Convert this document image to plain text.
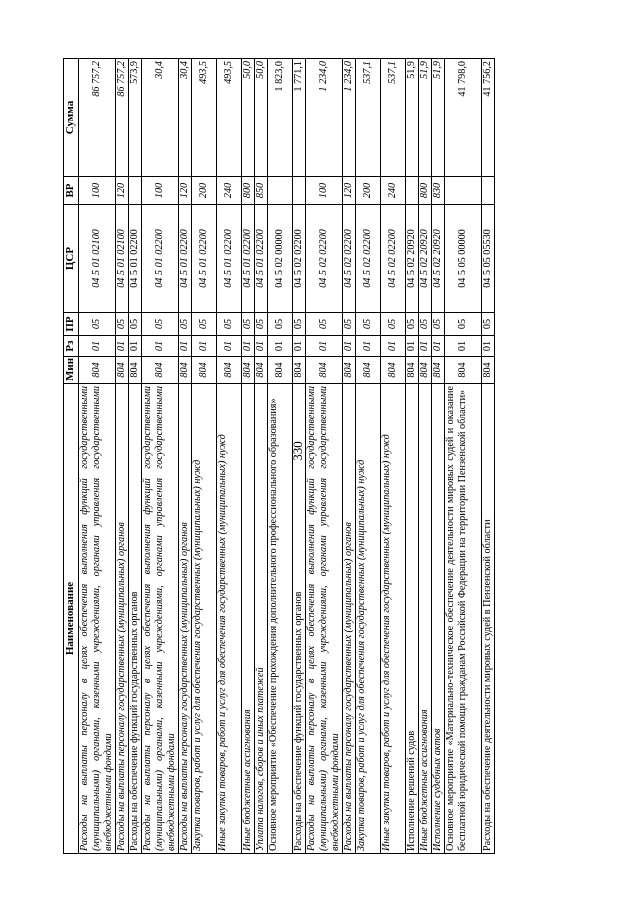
330
Наименование	Мин	Рз	ПР	ЦСР	ВР	Сумма
Расходы на выплаты персоналу в целях обеспечения выполнения функций государственными (муниципальными) органами, казенными учреждениями, органами управления государственными внебюджетными фондами	804	01	05	04 5 01 02100	100	86 757,2
Расходы на выплаты персоналу государственных (муниципальных) органов	804	01	05	04 5 01 02100	120	86 757,2
Расходы на обеспечение функций государственных органов	804	01	05	04 5 01 02200		573,9
Расходы на выплаты персоналу в целях обеспечения выполнения функций государственными (муниципальными) органами, казенными учреждениями, органами управления государственными внебюджетными фондами	804	01	05	04 5 01 02200	100	30,4
Расходы на выплаты персоналу государственных (муниципальных) органов	804	01	05	04 5 01 02200	120	30,4
Закупка товаров, работ и услуг для обеспечения государственных (муниципальных) нужд	804	01	05	04 5 01 02200	200	493,5
Иные закупки товаров, работ и услуг для обеспечения государственных (муниципальных) нужд	804	01	05	04 5 01 02200	240	493,5
Иные бюджетные ассигнования	804	01	05	04 5 01 02200	800	50,0
Уплата налогов, сборов и иных платежей	804	01	05	04 5 01 02200	850	50,0
Основное мероприятие «Обеспечение прохождения дополнительного профессионального образования»	804	01	05	04 5 02 00000		1 823,0
Расходы на обеспечение функций государственных органов	804	01	05	04 5 02 02200		1 771,1
Расходы на выплаты персоналу в целях обеспечения выполнения функций государственными (муниципальными) органами, казенными учреждениями, органами управления государственными внебюджетными фондами	804	01	05	04 5 02 02200	100	1 234,0
Расходы на выплаты персоналу государственных (муниципальных) органов	804	01	05	04 5 02 02200	120	1 234,0
Закупка товаров, работ и услуг для обеспечения государственных (муниципальных) нужд	804	01	05	04 5 02 02200	200	537,1
Иные закупки товаров, работ и услуг для обеспечения государственных (муниципальных) нужд	804	01	05	04 5 02 02200	240	537,1
Исполнение решений судов	804	01	05	04 5 02 20920		51,9
Иные бюджетные ассигнования	804	01	05	04 5 02 20920	800	51,9
Исполнение судебных актов	804	01	05	04 5 02 20920	830	51,9
Основное мероприятие «Материально-техническое обеспечение деятельности мировых судей и оказание бесплатной юридической помощи гражданам Российской Федерации на территории Пензенской области»	804	01	05	04 5 05 00000		41 798,0
Расходы на обеспечение деятельности мировых судей в Пензенской области	804	01	05	04 5 05 05530		41 756,2
